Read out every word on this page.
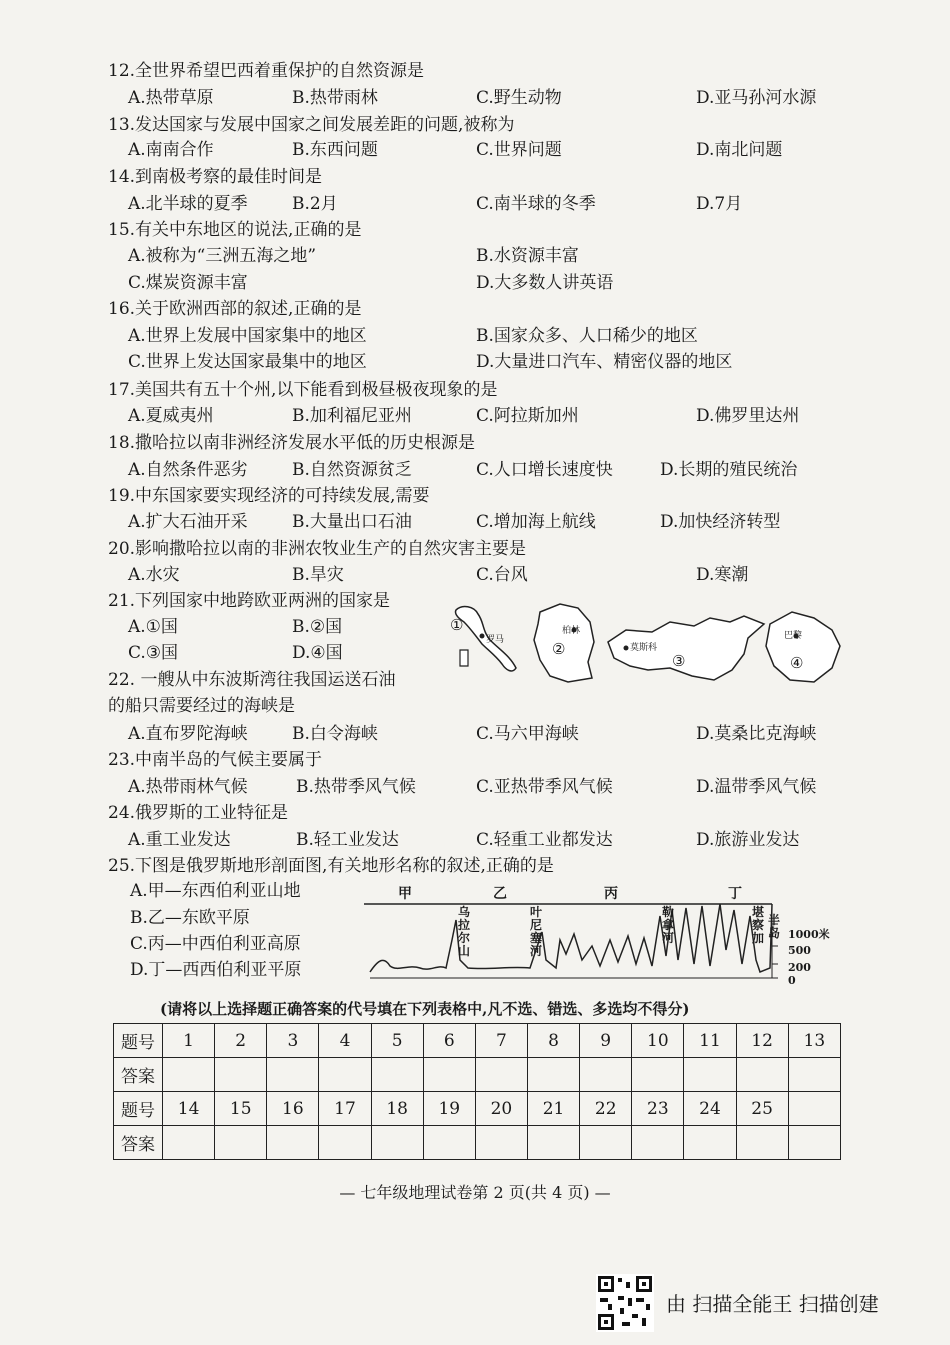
12.全世界希望巴西着重保护的自然资源是
A.热带草原	B.热带雨林	C.野生动物	D.亚马孙河水源
13.发达国家与发展中国家之间发展差距的问题,被称为
A.南南合作	B.东西问题	C.世界问题	D.南北问题
14.到南极考察的最佳时间是
A.北半球的夏季	B.2月	C.南半球的冬季	D.7月
15.有关中东地区的说法,正确的是
A.被称为“三洲五海之地”	B.水资源丰富
C.煤炭资源丰富	D.大多数人讲英语
16.关于欧洲西部的叙述,正确的是
A.世界上发展中国家集中的地区	B.国家众多、人口稀少的地区
C.世界上发达国家最集中的地区	D.大量进口汽车、精密仪器的地区
17.美国共有五十个州,以下能看到极昼极夜现象的是
A.夏威夷州	B.加利福尼亚州	C.阿拉斯加州	D.佛罗里达州
18.撒哈拉以南非洲经济发展水平低的历史根源是
A.自然条件恶劣	B.自然资源贫乏	C.人口增长速度快	D.长期的殖民统治
19.中东国家要实现经济的可持续发展,需要
A.扩大石油开采	B.大量出口石油	C.增加海上航线	D.加快经济转型
20.影响撒哈拉以南的非洲农牧业生产的自然灾害主要是
A.水灾	B.旱灾	C.台风	D.寒潮
21.下列国家中地跨欧亚两洲的国家是
A.①国	B.②国
C.③国	D.④国
①
罗马	②
柏林
③
莫斯科
④
巴黎
22. 一艘从中东波斯湾往我国运送石油
的船只需要经过的海峡是
A.直布罗陀海峡	B.白令海峡	C.马六甲海峡	D.莫桑比克海峡
23.中南半岛的气候主要属于
A.热带雨林气候	B.热带季风气候	C.亚热带季风气候	D.温带季风气候
24.俄罗斯的工业特征是
A.重工业发达	B.轻工业发达	C.轻重工业都发达	D.旅游业发达
25.下图是俄罗斯地形剖面图,有关地形名称的叙述,正确的是
A.甲—东西伯利亚山地
B.乙—东欧平原
C.丙—中西伯利亚高原
D.丁—西西伯利亚平原
甲	乙	丙	丁
乌拉尔山
叶尼塞河
勒拿河
堪察加
半岛 1000米
500
200
0
(请将以上选择题正确答案的代号填在下列表格中,凡不选、错选、多选均不得分)
题号	1	2	3	4	5	6	7	8	9	10	11	12	13
答案													
题号	14	15	16	17	18	19	20	21	22	23	24	25	
答案													
— 七年级地理试卷第 2 页(共 4 页) —
由 扫描全能王 扫描创建
